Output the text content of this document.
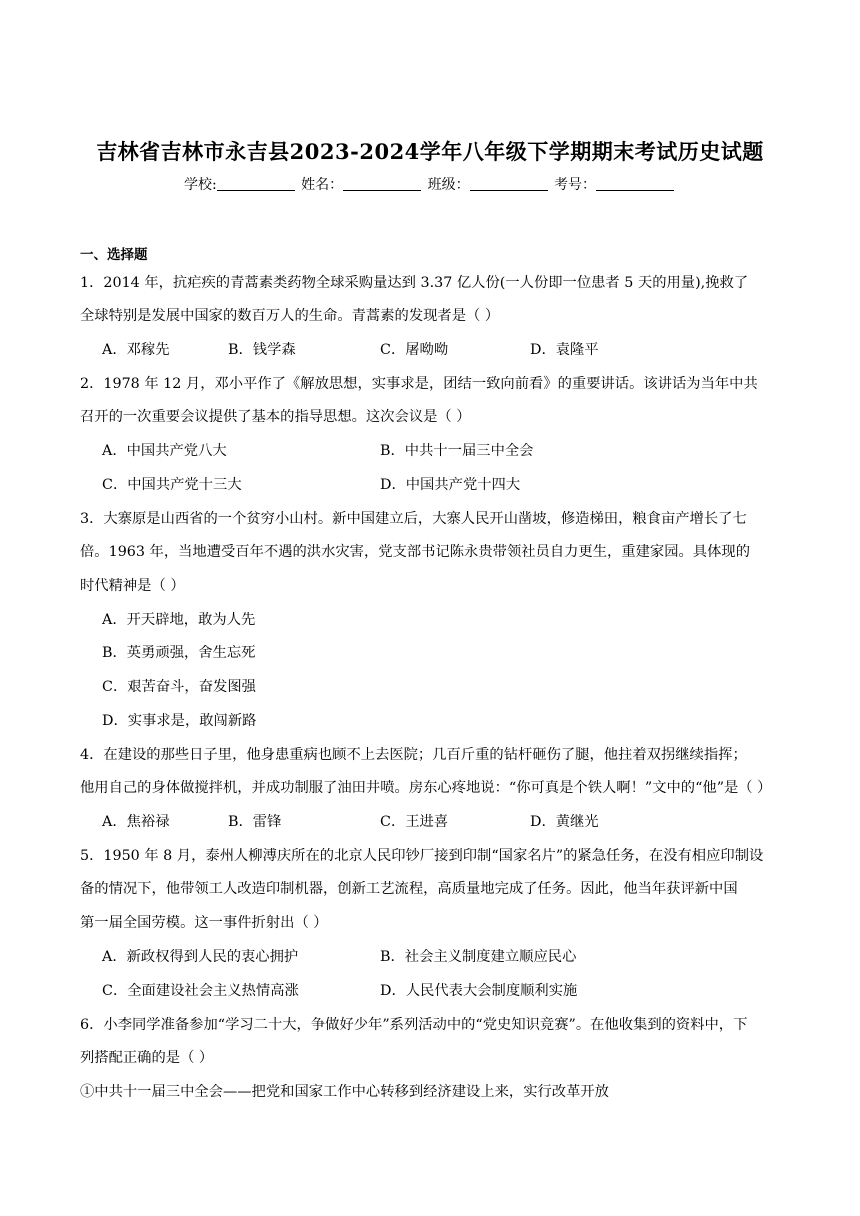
吉林省吉林市永吉县2023-2024学年八年级下学期期末考试历史试题
学校:	姓名：	班级：	考号：
一、选择题
1．2014 年，抗疟疾的青蒿素类药物全球采购量达到 3.37 亿人份(一人份即一位患者 5 天的用量),挽救了
全球特别是发展中国家的数百万人的生命。青蒿素的发现者是（ ）
A．邓稼先	B．钱学森	C．屠呦呦	D．袁隆平
2．1978 年 12 月，邓小平作了《解放思想，实事求是，团结一致向前看》的重要讲话。该讲话为当年中共
召开的一次重要会议提供了基本的指导思想。这次会议是（ ）
A．中国共产党八大	B．中共十一届三中全会
C．中国共产党十三大	D．中国共产党十四大
3．大寨原是山西省的一个贫穷小山村。新中国建立后，大寨人民开山凿坡，修造梯田，粮食亩产增长了七
倍。1963 年，当地遭受百年不遇的洪水灾害，党支部书记陈永贵带领社员自力更生，重建家园。具体现的
时代精神是（ ）
A．开天辟地，敢为人先
B．英勇顽强，舍生忘死
C．艰苦奋斗，奋发图强
D．实事求是，敢闯新路
4．在建设的那些日子里，他身患重病也顾不上去医院；几百斤重的钻杆砸伤了腿，他拄着双拐继续指挥；
他用自己的身体做搅拌机，并成功制服了油田井喷。房东心疼地说：“你可真是个铁人啊！”文中的“他”是（ ）
A．焦裕禄	B．雷锋	C．王进喜	D．黄继光
5．1950 年 8 月，泰州人柳溥庆所在的北京人民印钞厂接到印制“国家名片”的紧急任务，在没有相应印制设
备的情况下，他带领工人改造印制机器，创新工艺流程，高质量地完成了任务。因此，他当年获评新中国
第一届全国劳模。这一事件折射出（ ）
A．新政权得到人民的衷心拥护	B．社会主义制度建立顺应民心
C．全面建设社会主义热情高涨	D．人民代表大会制度顺利实施
6．小李同学准备参加“学习二十大，争做好少年”系列活动中的“党史知识竞赛”。在他收集到的资料中，下
列搭配正确的是（ ）
①中共十一届三中全会——把党和国家工作中心转移到经济建设上来，实行改革开放
